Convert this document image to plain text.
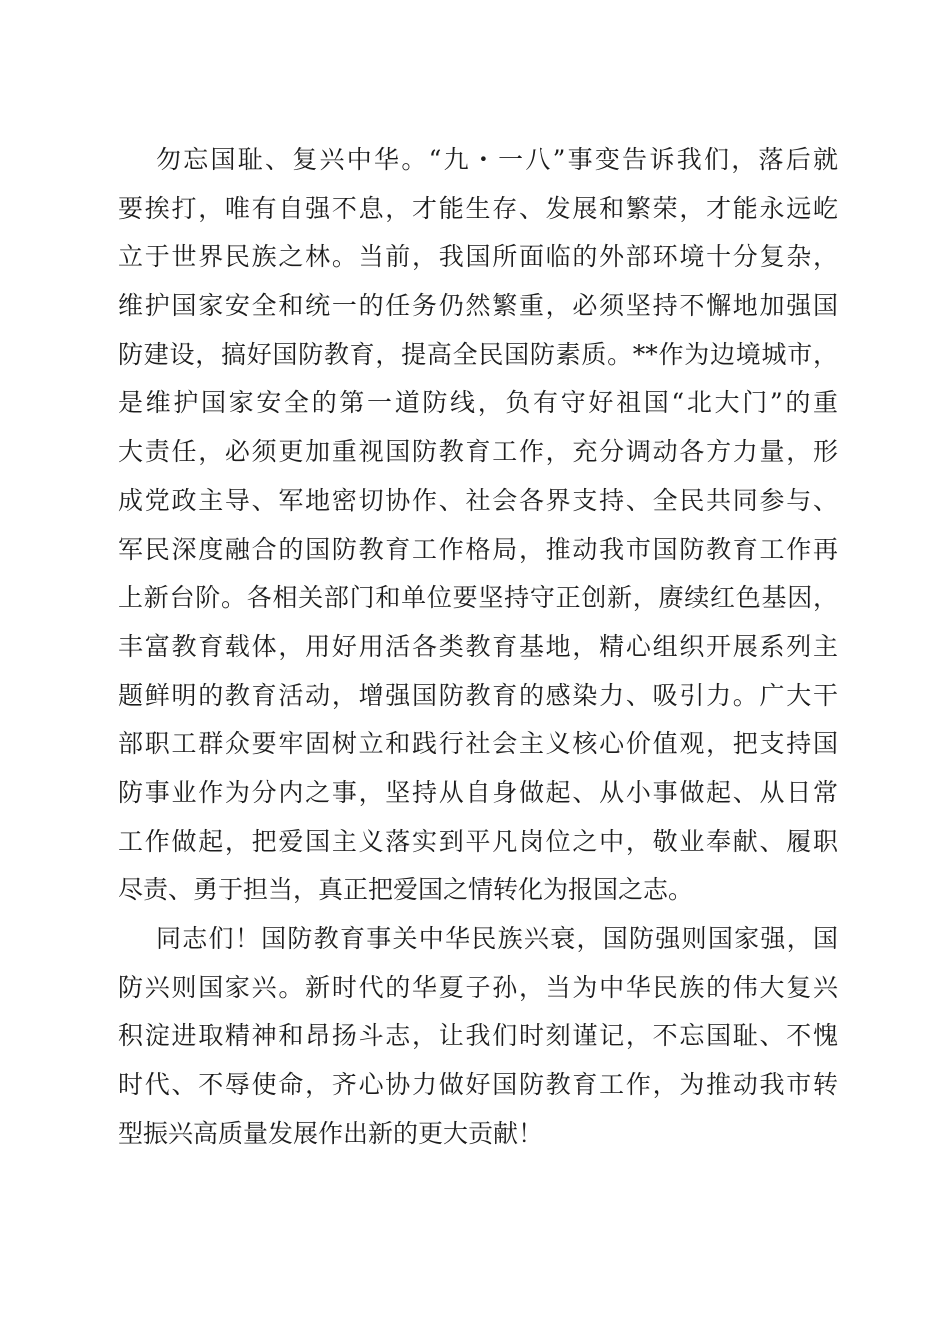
勿忘国耻、复兴中华。“九・一八”事变告诉我们，落后就
要挨打，唯有自强不息，才能生存、发展和繁荣，才能永远屹
立于世界民族之林。当前，我国所面临的外部环境十分复杂，
维护国家安全和统一的任务仍然繁重，必须坚持不懈地加强国
防建设，搞好国防教育，提高全民国防素质。**作为边境城市，
是维护国家安全的第一道防线，负有守好祖国“北大门”的重
大责任，必须更加重视国防教育工作，充分调动各方力量，形
成党政主导、军地密切协作、社会各界支持、全民共同参与、
军民深度融合的国防教育工作格局，推动我市国防教育工作再
上新台阶。各相关部门和单位要坚持守正创新，赓续红色基因，
丰富教育载体，用好用活各类教育基地，精心组织开展系列主
题鲜明的教育活动，增强国防教育的感染力、吸引力。广大干
部职工群众要牢固树立和践行社会主义核心价值观，把支持国
防事业作为分内之事，坚持从自身做起、从小事做起、从日常
工作做起，把爱国主义落实到平凡岗位之中，敬业奉献、履职
尽责、勇于担当，真正把爱国之情转化为报国之志。
同志们！国防教育事关中华民族兴衰，国防强则国家强，国
防兴则国家兴。新时代的华夏子孙，当为中华民族的伟大复兴
积淀进取精神和昂扬斗志，让我们时刻谨记，不忘国耻、不愧
时代、不辱使命，齐心协力做好国防教育工作，为推动我市转
型振兴高质量发展作出新的更大贡献！
